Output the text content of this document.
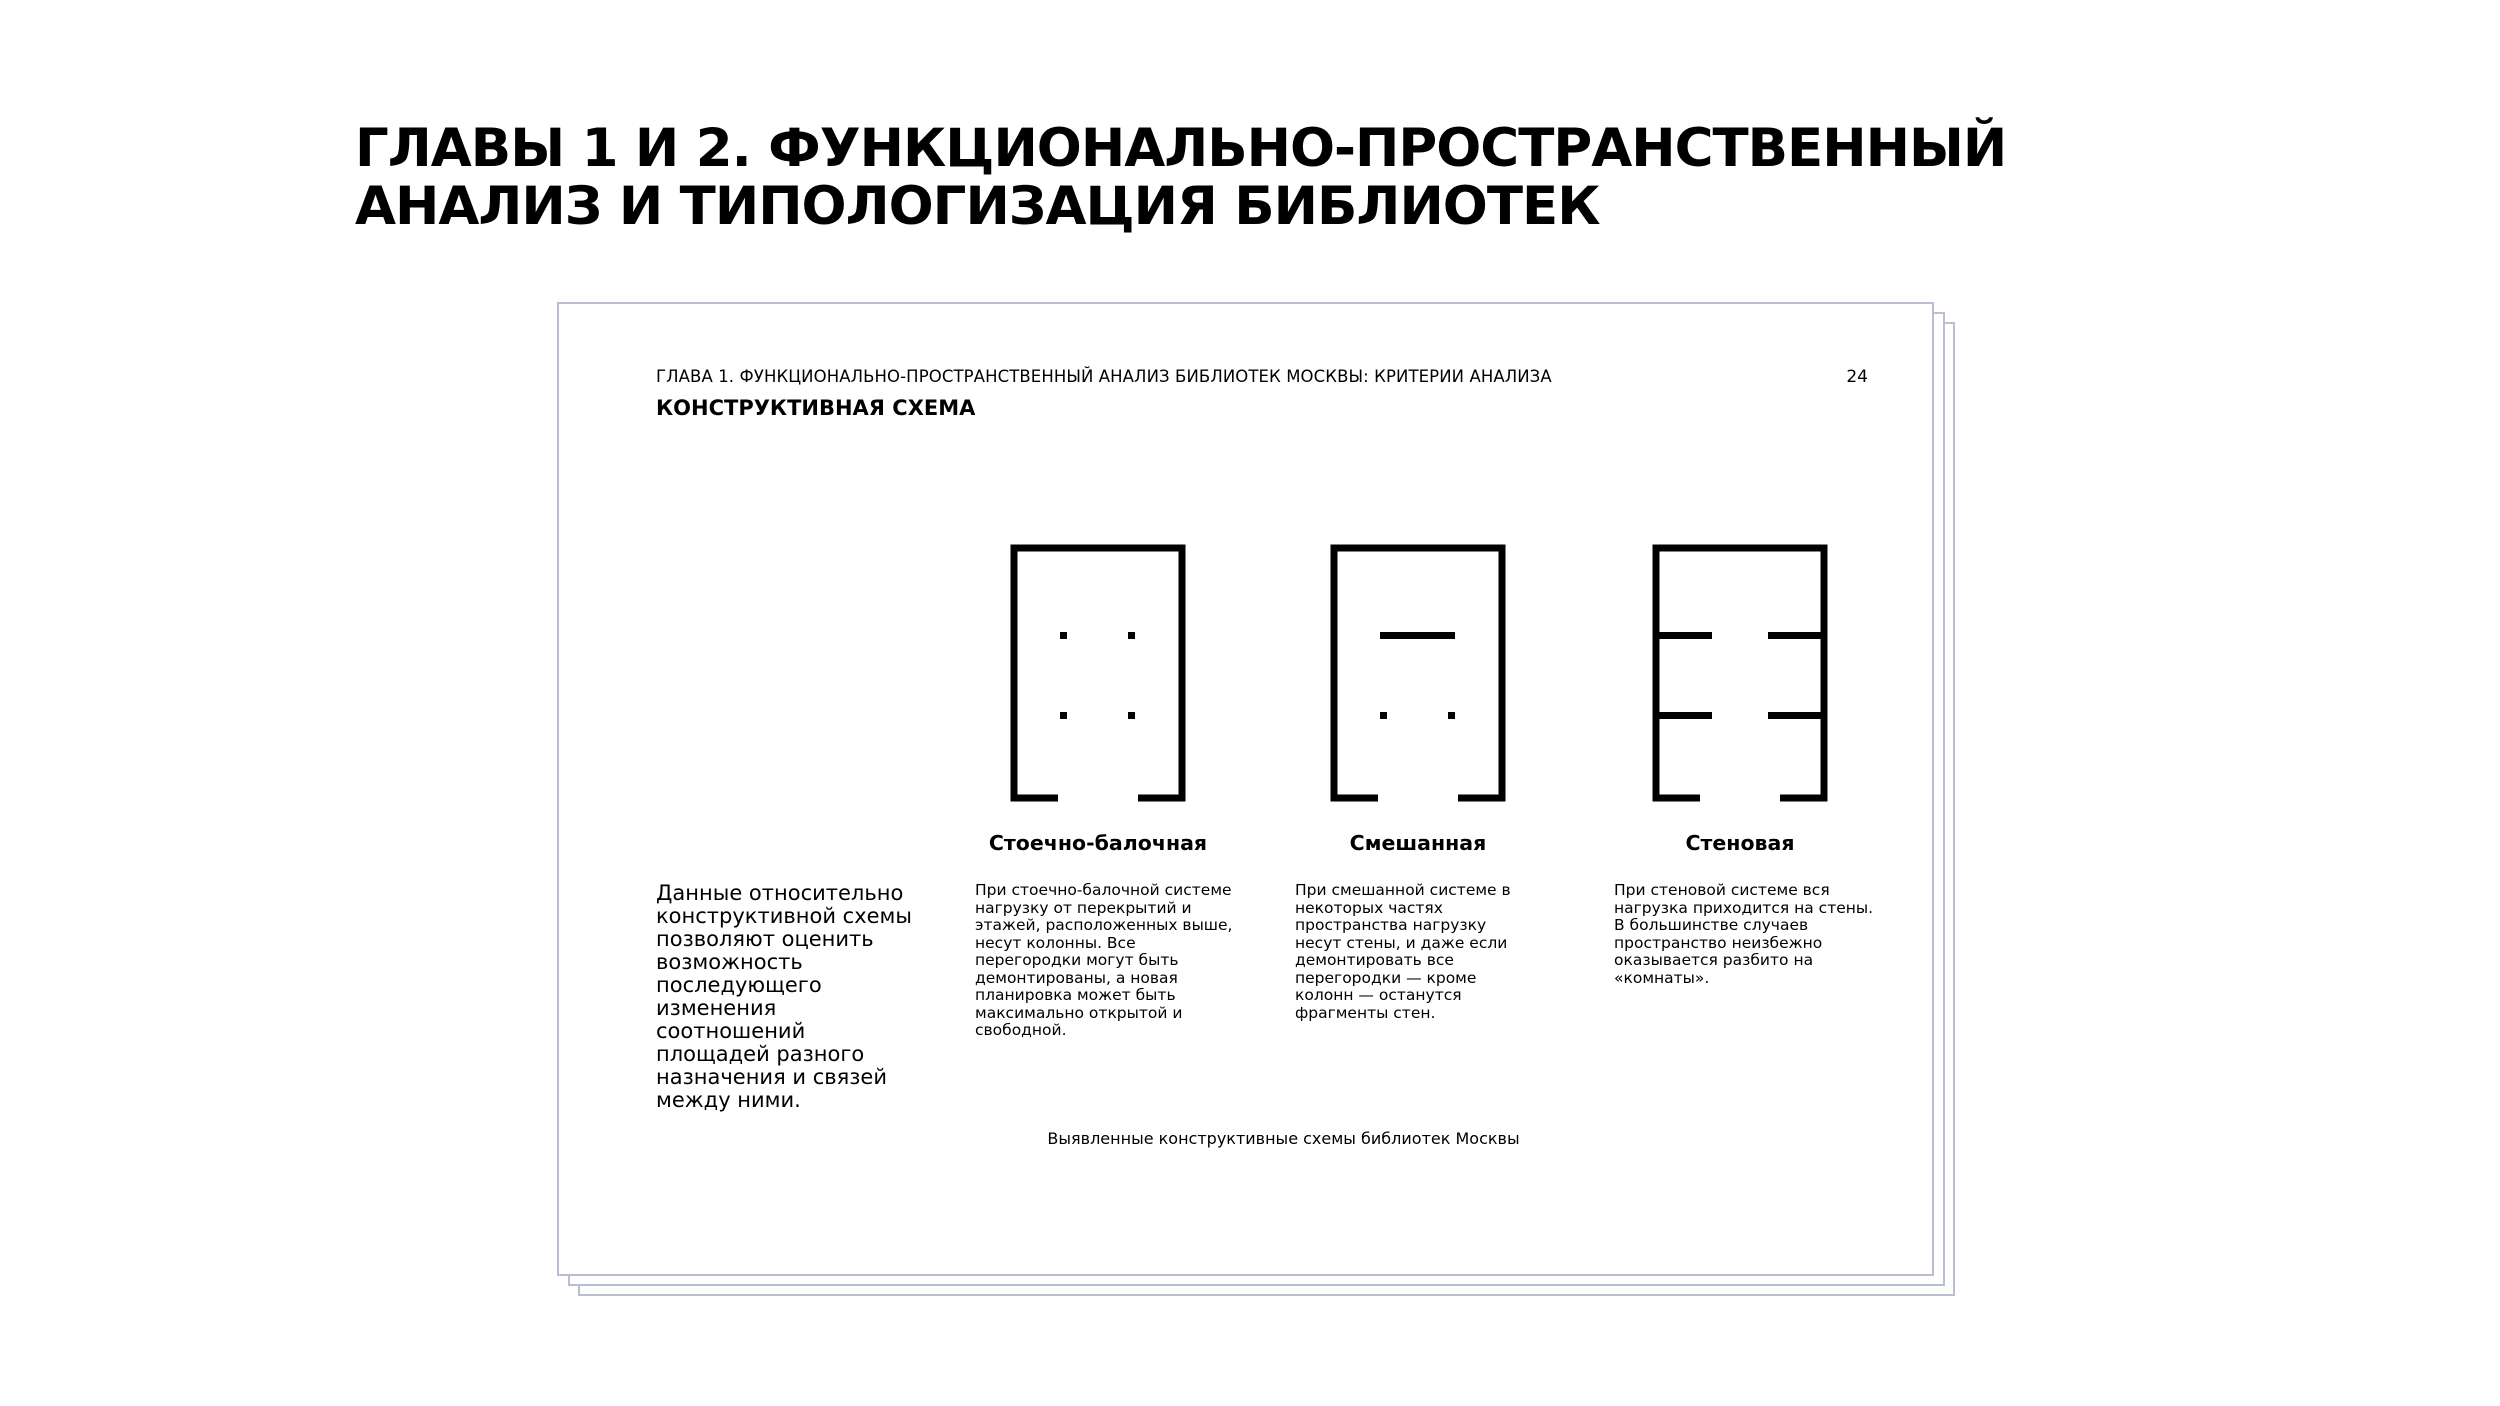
ГЛАВЫ 1 И 2. ФУНКЦИОНАЛЬНО-ПРОСТРАНСТВЕННЫЙ АНАЛИЗ И ТИПОЛОГИЗАЦИЯ БИБЛИОТЕК
ГЛАВА 1. ФУНКЦИОНАЛЬНО-ПРОСТРАНСТВЕННЫЙ АНАЛИЗ БИБЛИОТЕК МОСКВЫ: КРИТЕРИИ АНАЛИЗА	24
КОНСТРУКТИВНАЯ СХЕМА
Стоечно-балочная	Смешанная	Стеновая
При стоечно-балочной системе нагрузку от перекрытий и этажей, расположенных выше, несут колонны. Все перегородки могут быть демонтированы, а новая планировка может быть максимально открытой и свободной.
При смешанной системе в некоторых частях пространства нагрузку несут стены, и даже если демонтировать все перегородки — кроме колонн — останутся фрагменты стен.
При стеновой системе вся нагрузка приходится на стены. В большинстве случаев пространство неизбежно оказывается разбито на «комнаты».
Данные относительно конструктивной схемы позволяют оценить возможность последующего изменения соотношений площадей разного назначения и связей между ними.
Выявленные конструктивные схемы библиотек Москвы
